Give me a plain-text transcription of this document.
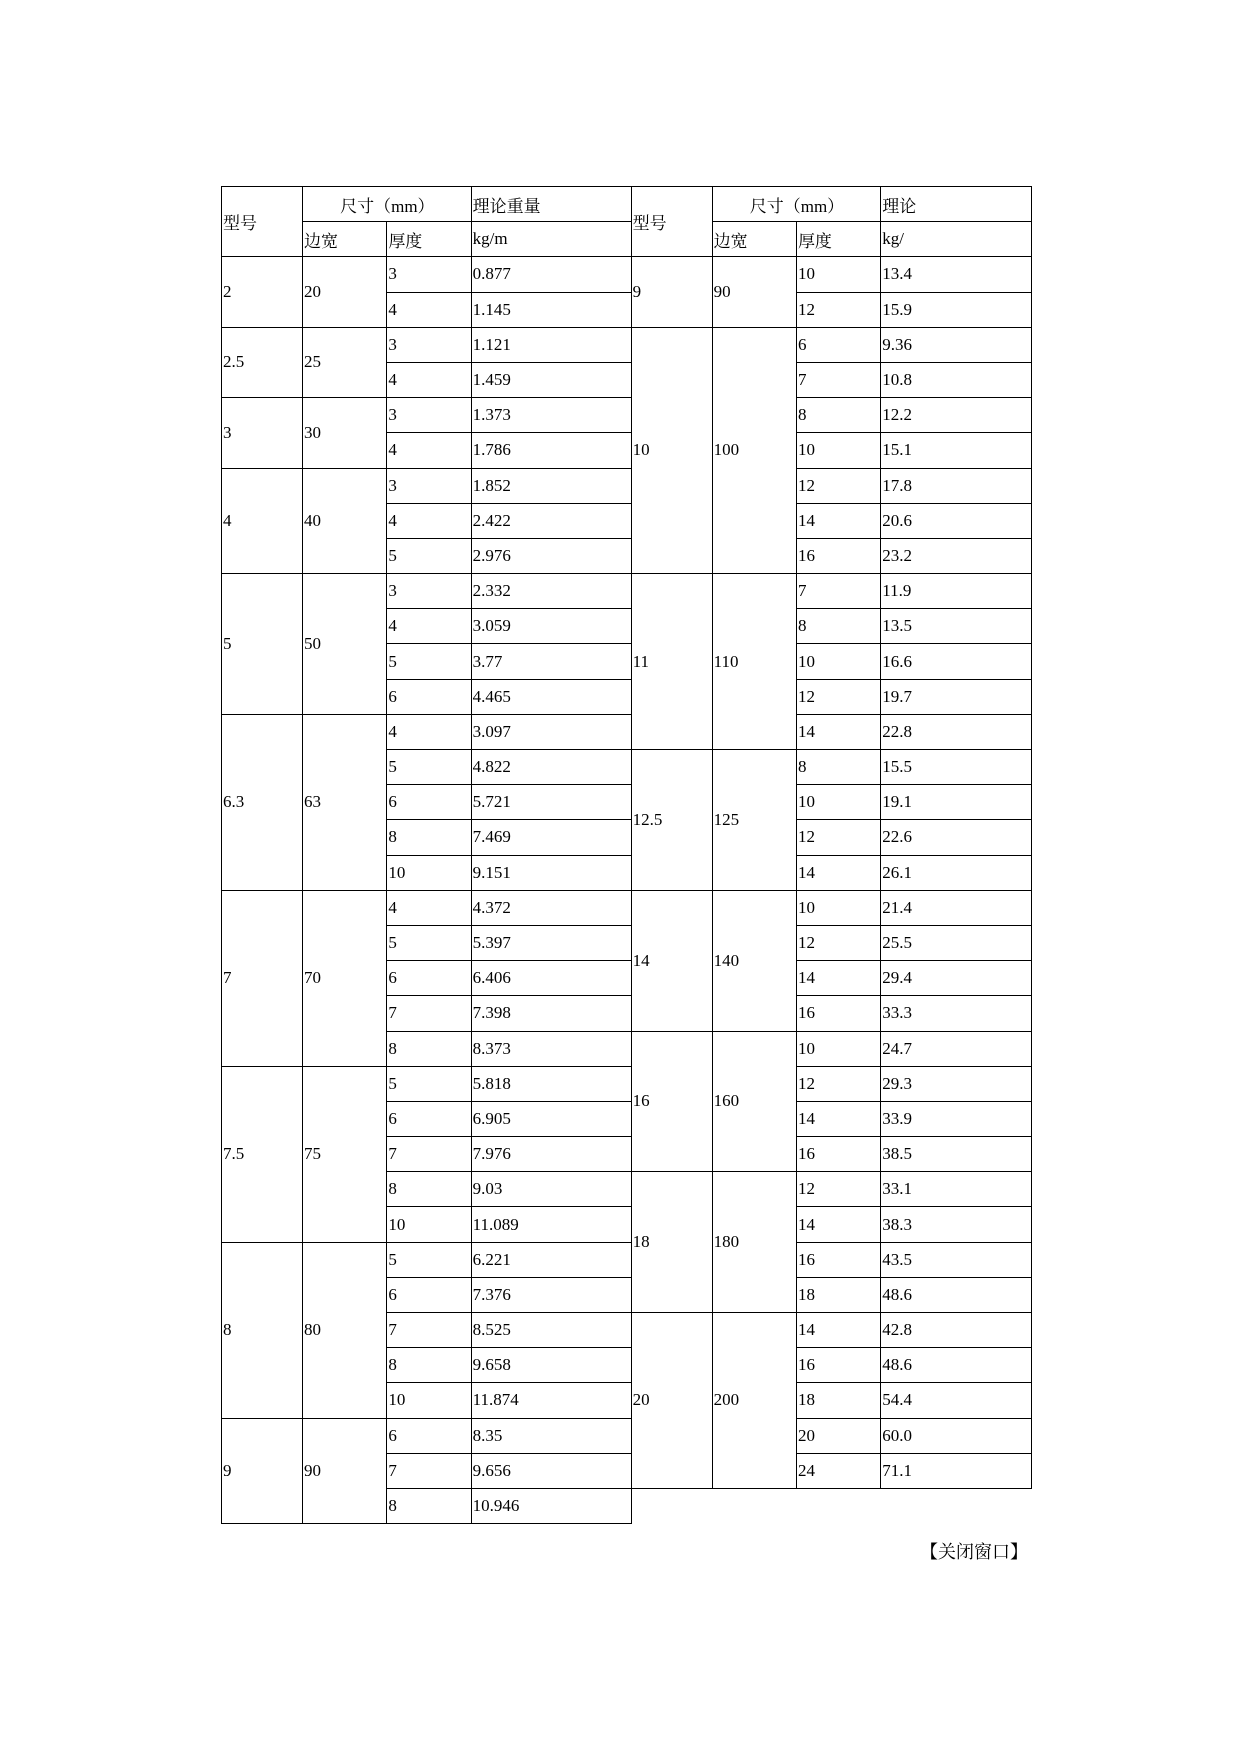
型号	尺寸（mm）		理论重量	型号	尺寸（mm）		理论
	边宽	厚度	kg/m		边宽	厚度	kg/
2	20	3	0.877	9	90	10	13.4
		4	1.145			12	15.9
2.5	25	3	1.121	10	100	6	9.36
		4	1.459			7	10.8
3	30	3	1.373			8	12.2
		4	1.786			10	15.1
4	40	3	1.852			12	17.8
		4	2.422			14	20.6
		5	2.976			16	23.2
5	50	3	2.332	11	110	7	11.9
		4	3.059			8	13.5
		5	3.77			10	16.6
		6	4.465			12	19.7
6.3	63	4	3.097			14	22.8
		5	4.822	12.5	125	8	15.5
		6	5.721			10	19.1
		8	7.469			12	22.6
		10	9.151			14	26.1
7	70	4	4.372	14	140	10	21.4
		5	5.397			12	25.5
		6	6.406			14	29.4
		7	7.398			16	33.3
		8	8.373	16	160	10	24.7
7.5	75	5	5.818			12	29.3
		6	6.905			14	33.9
		7	7.976			16	38.5
		8	9.03	18	180	12	33.1
		10	11.089			14	38.3
8	80	5	6.221			16	43.5
		6	7.376			18	48.6
		7	8.525	20	200	14	42.8
		8	9.658			16	48.6
		10	11.874			18	54.4
9	90	6	8.35			20	60.0
		7	9.656			24	71.1
		8	10.946				
【关闭窗口】
